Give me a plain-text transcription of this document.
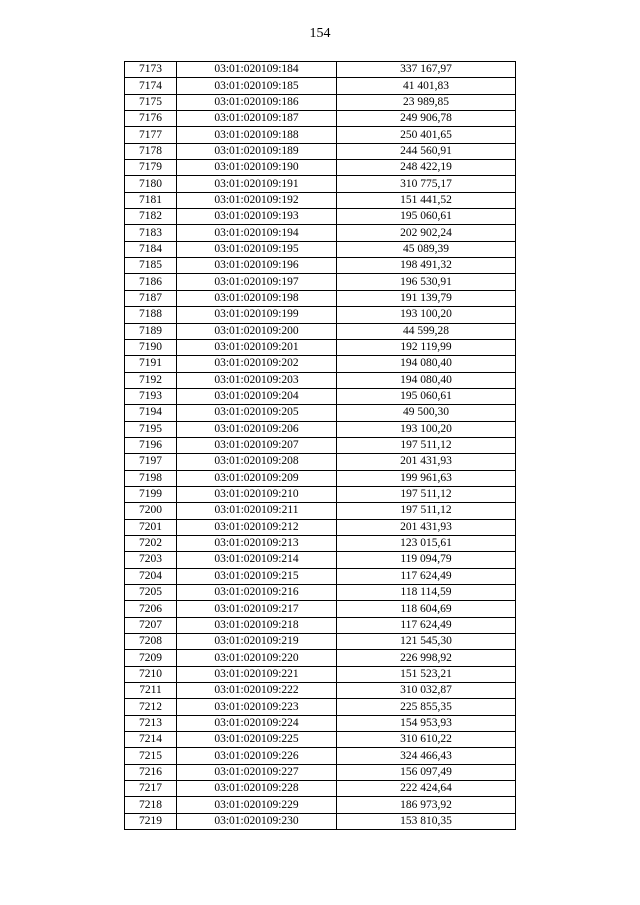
154
7173	03:01:020109:184	337 167,97
7174	03:01:020109:185	41 401,83
7175	03:01:020109:186	23 989,85
7176	03:01:020109:187	249 906,78
7177	03:01:020109:188	250 401,65
7178	03:01:020109:189	244 560,91
7179	03:01:020109:190	248 422,19
7180	03:01:020109:191	310 775,17
7181	03:01:020109:192	151 441,52
7182	03:01:020109:193	195 060,61
7183	03:01:020109:194	202 902,24
7184	03:01:020109:195	45 089,39
7185	03:01:020109:196	198 491,32
7186	03:01:020109:197	196 530,91
7187	03:01:020109:198	191 139,79
7188	03:01:020109:199	193 100,20
7189	03:01:020109:200	44 599,28
7190	03:01:020109:201	192 119,99
7191	03:01:020109:202	194 080,40
7192	03:01:020109:203	194 080,40
7193	03:01:020109:204	195 060,61
7194	03:01:020109:205	49 500,30
7195	03:01:020109:206	193 100,20
7196	03:01:020109:207	197 511,12
7197	03:01:020109:208	201 431,93
7198	03:01:020109:209	199 961,63
7199	03:01:020109:210	197 511,12
7200	03:01:020109:211	197 511,12
7201	03:01:020109:212	201 431,93
7202	03:01:020109:213	123 015,61
7203	03:01:020109:214	119 094,79
7204	03:01:020109:215	117 624,49
7205	03:01:020109:216	118 114,59
7206	03:01:020109:217	118 604,69
7207	03:01:020109:218	117 624,49
7208	03:01:020109:219	121 545,30
7209	03:01:020109:220	226 998,92
7210	03:01:020109:221	151 523,21
7211	03:01:020109:222	310 032,87
7212	03:01:020109:223	225 855,35
7213	03:01:020109:224	154 953,93
7214	03:01:020109:225	310 610,22
7215	03:01:020109:226	324 466,43
7216	03:01:020109:227	156 097,49
7217	03:01:020109:228	222 424,64
7218	03:01:020109:229	186 973,92
7219	03:01:020109:230	153 810,35
